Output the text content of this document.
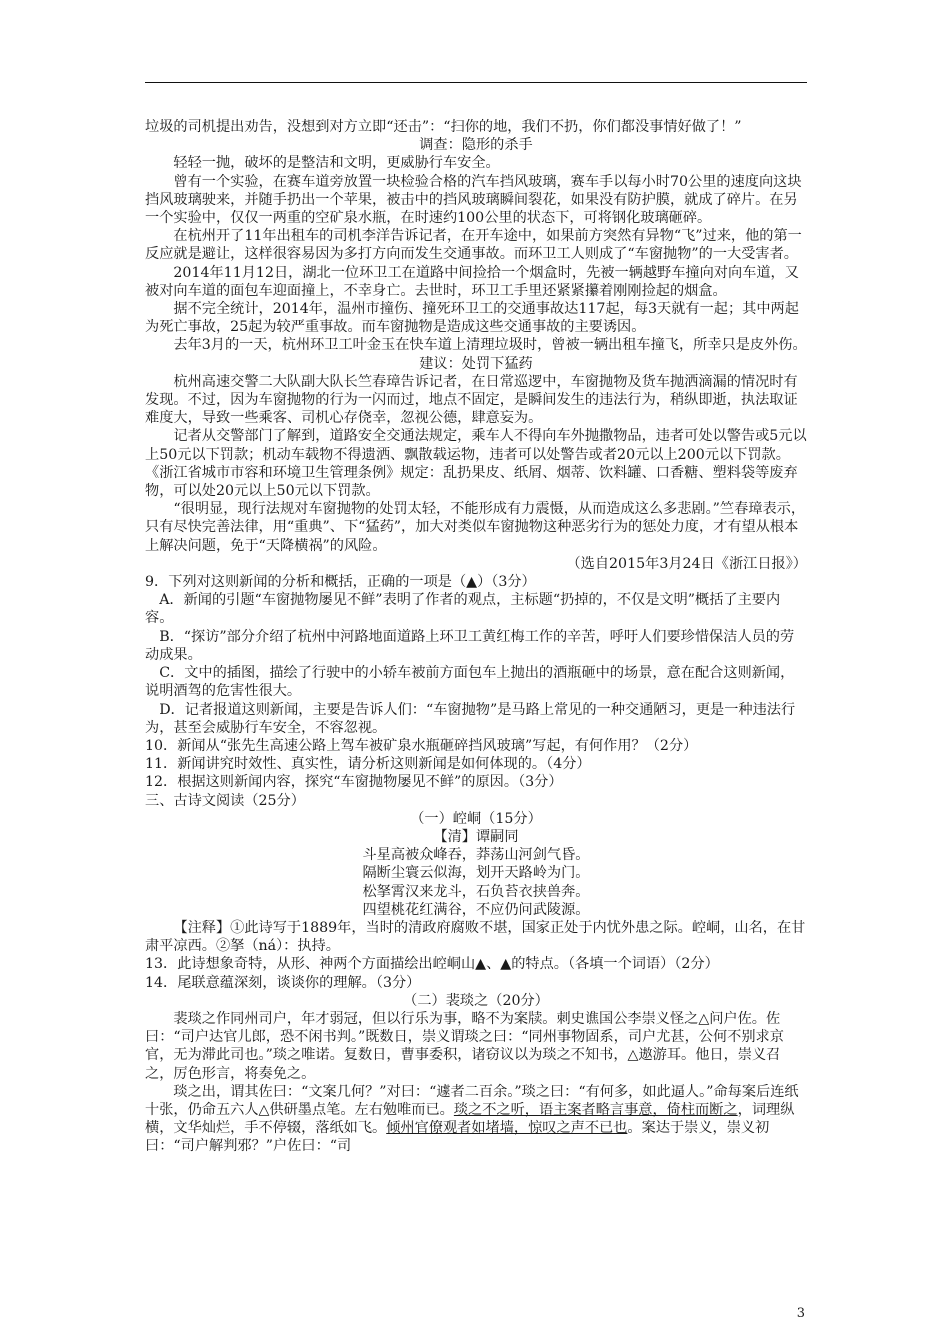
垃圾的司机提出劝告，没想到对方立即“还击”：“扫你的地，我们不扔，你们都没事情好做了！”

调查：隐形的杀手

轻轻一抛，破坏的是整洁和文明，更威胁行车安全。

曾有一个实验，在赛车道旁放置一块检验合格的汽车挡风玻璃，赛车手以每小时70公里的速度向这块挡风玻璃驶来，并随手扔出一个苹果，被击中的挡风玻璃瞬间裂花，如果没有防护膜，就成了碎片。在另一个实验中，仅仅一两重的空矿泉水瓶，在时速约100公里的状态下，可将钢化玻璃砸碎。

在杭州开了11年出租车的司机李洋告诉记者，在开车途中，如果前方突然有异物“飞”过来，他的第一反应就是避让，这样很容易因为多打方向而发生交通事故。而环卫工人则成了“车窗抛物”的一大受害者。

2014年11月12日，湖北一位环卫工在道路中间捡拾一个烟盒时，先被一辆越野车撞向对向车道，又被对向车道的面包车迎面撞上，不幸身亡。去世时，环卫工手里还紧紧攥着刚刚捡起的烟盒。

据不完全统计，2014年，温州市撞伤、撞死环卫工的交通事故达117起，每3天就有一起；其中两起为死亡事故，25起为较严重事故。而车窗抛物是造成这些交通事故的主要诱因。

去年3月的一天，杭州环卫工叶金玉在快车道上清理垃圾时，曾被一辆出租车撞飞，所幸只是皮外伤。

建议：处罚下猛药

杭州高速交警二大队副大队长竺春璋告诉记者，在日常巡逻中，车窗抛物及货车抛洒滴漏的情况时有发现。不过，因为车窗抛物的行为一闪而过，地点不固定，是瞬间发生的违法行为，稍纵即逝，执法取证难度大，导致一些乘客、司机心存侥幸，忽视公德，肆意妄为。

记者从交警部门了解到，道路安全交通法规定，乘车人不得向车外抛撒物品，违者可处以警告或5元以上50元以下罚款；机动车载物不得遗洒、飘散载运物，违者可以处警告或者20元以上200元以下罚款。《浙江省城市市容和环境卫生管理条例》规定：乱扔果皮、纸屑、烟蒂、饮料罐、口香糖、塑料袋等废弃物，可以处20元以上50元以下罚款。

“很明显，现行法规对车窗抛物的处罚太轻，不能形成有力震慑，从而造成这么多悲剧。”竺春璋表示，只有尽快完善法律，用“重典”、下“猛药”，加大对类似车窗抛物这种恶劣行为的惩处力度，才有望从根本上解决问题，免于“天降横祸”的风险。

（选自2015年3月24日《浙江日报》）

9．下列对这则新闻的分析和概括，正确的一项是（▲）（3分）

A．新闻的引题“车窗抛物屡见不鲜”表明了作者的观点，主标题“扔掉的，不仅是文明”概括了主要内容。

B．“探访”部分介绍了杭州中河路地面道路上环卫工黄红梅工作的辛苦，呼吁人们要珍惜保洁人员的劳动成果。

C．文中的插图，描绘了行驶中的小轿车被前方面包车上抛出的酒瓶砸中的场景，意在配合这则新闻，说明酒驾的危害性很大。

D．记者报道这则新闻，主要是告诉人们：“车窗抛物”是马路上常见的一种交通陋习，更是一种违法行为，甚至会威胁行车安全，不容忽视。

10．新闻从“张先生高速公路上驾车被矿泉水瓶砸碎挡风玻璃”写起，有何作用？（2分）

11．新闻讲究时效性、真实性，请分析这则新闻是如何体现的。（4分）

12．根据这则新闻内容，探究“车窗抛物屡见不鲜”的原因。（3分）

三、古诗文阅读（25分）

（一）崆峒（15分）

【清】谭嗣同

斗星高被众峰吞，莽荡山河剑气昏。

隔断尘寰云似海，划开天路岭为门。

松拏霄汉来龙斗，石负苔衣挟兽奔。

四望桃花红满谷，不应仍问武陵源。

【注释】①此诗写于1889年，当时的清政府腐败不堪，国家正处于内忧外患之际。崆峒，山名，在甘肃平凉西。②拏（ná）：执持。

13．此诗想象奇特，从形、神两个方面描绘出崆峒山▲、▲的特点。（各填一个词语）（2分）

14．尾联意蕴深刻，谈谈你的理解。（3分）

（二）裴琰之（20分）

裴琰之作同州司户，年才弱冠，但以行乐为事，略不为案牍。刺史谯国公李崇义怪之△问户佐。佐曰：“司户达官儿郎，恐不闲书判。”既数日，崇义谓琰之曰：“同州事物固系，司户尤甚，公何不别求京官，无为滞此司也。”琰之唯诺。复数日，曹事委积，诸窃议以为琰之不知书，△遨游耳。他日，崇义召之，厉色形言，将奏免之。

琰之出，谓其佐曰：“文案几何？”对曰：“遽者二百余。”琰之曰：“有何多，如此逼人。”命每案后连纸十张，仍命五六人△供研墨点笔。左右勉唯而已。琰之不之听，语主案者略言事意，倚柱而断之，词理纵横，文华灿烂，手不停辍，落纸如飞。倾州官僚观者如堵墙，惊叹之声不已也。案达于崇义，崇义初曰：“司户解判邪？”户佐曰：“司

3
